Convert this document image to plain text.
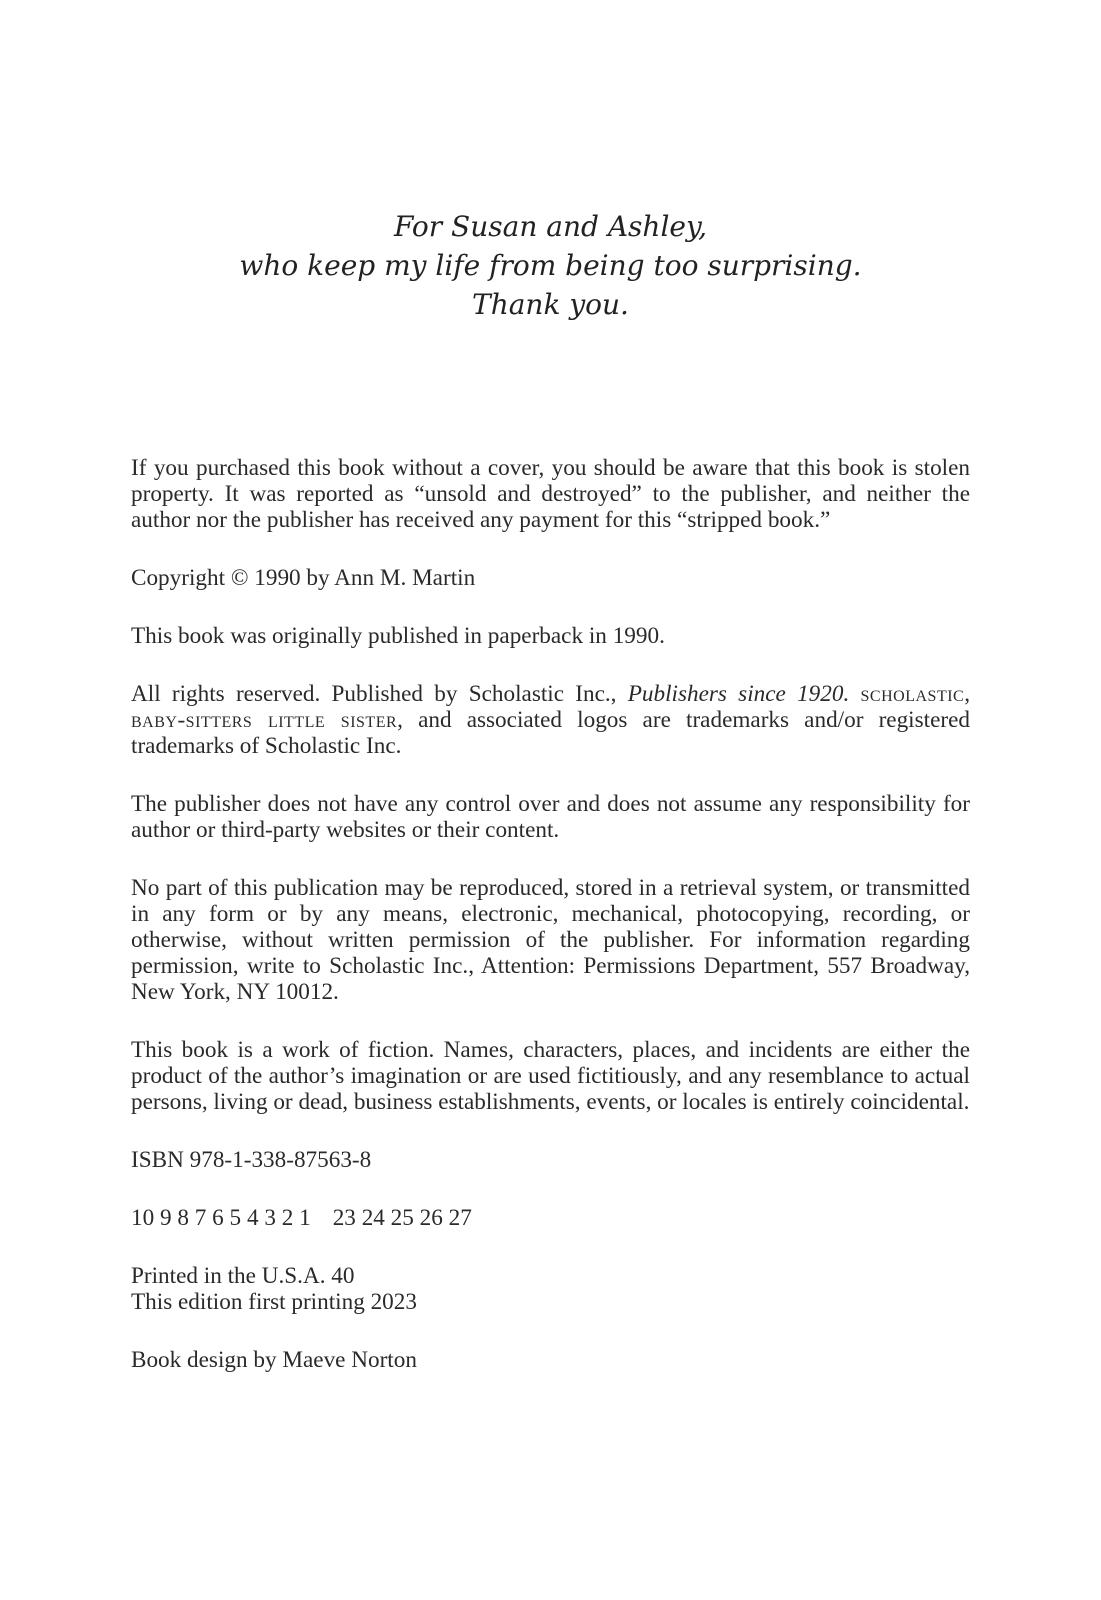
For Susan and Ashley,
who keep my life from being too surprising.
Thank you.

If you purchased this book without a cover, you should be aware that this book is stolen property. It was reported as “unsold and destroyed” to the publisher, and neither the author nor the publisher has received any payment for this “stripped book.”

Copyright © 1990 by Ann M. Martin

This book was originally published in paperback in 1990.

All rights reserved. Published by Scholastic Inc., Publishers since 1920. scholastic, baby-sitters little sister, and associated logos are trademarks and/or registered trademarks of Scholastic Inc.

The publisher does not have any control over and does not assume any responsibility for author or third-party websites or their content.

No part of this publication may be reproduced, stored in a retrieval system, or transmitted in any form or by any means, electronic, mechanical, photocopying, recording, or otherwise, without written permission of the publisher. For information regarding permission, write to Scholastic Inc., Attention: Permissions Department, 557 Broadway, New York, NY 10012.

This book is a work of fiction. Names, characters, places, and incidents are either the product of the author’s imagination or are used fictitiously, and any resemblance to actual persons, living or dead, business establishments, events, or locales is entirely coincidental.

ISBN 978-1-338-87563-8

10 9 8 7 6 5 4 3 2 1 23 24 25 26 27

Printed in the U.S.A. 40
This edition first printing 2023

Book design by Maeve Norton
